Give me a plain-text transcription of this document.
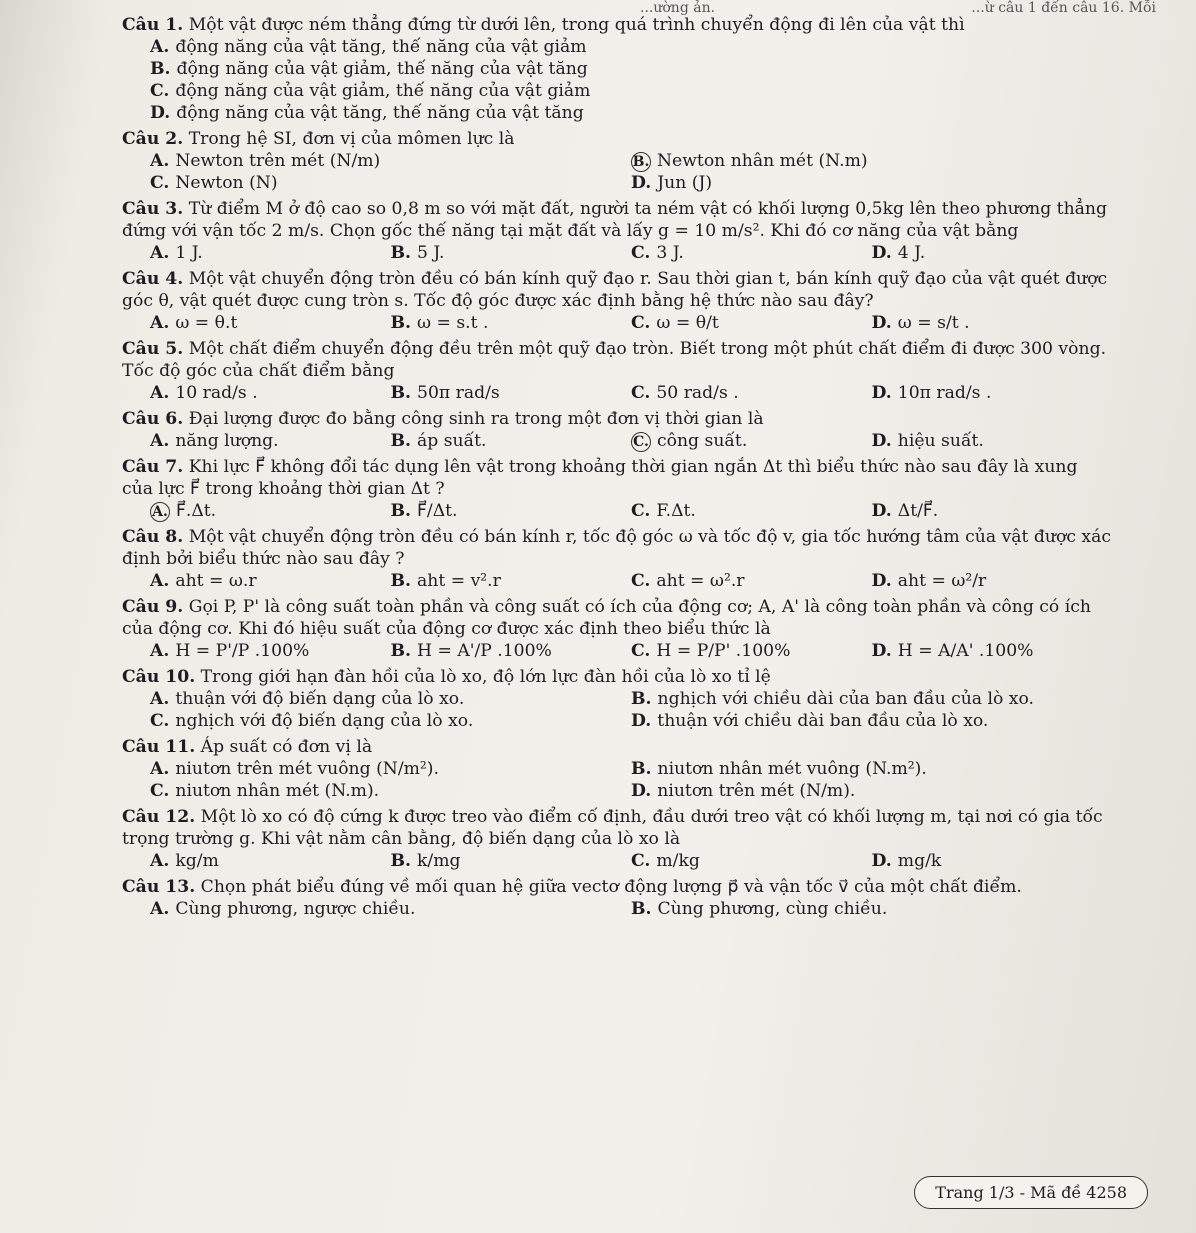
...ường ản.	...ừ câu 1 đến câu 16. Mỗi
Câu 1. Một vật được ném thẳng đứng từ dưới lên, trong quá trình chuyển động đi lên của vật thì
A. động năng của vật tăng, thế năng của vật giảm
B. động năng của vật giảm, thế năng của vật tăng
C. động năng của vật giảm, thế năng của vật giảm
D. động năng của vật tăng, thế năng của vật tăng
Câu 2. Trong hệ SI, đơn vị của mômen lực là
A. Newton trên mét (N/m)	B. Newton nhân mét (N.m)
C. Newton (N)	D. Jun (J)
Câu 3. Từ điểm M ở độ cao so 0,8 m so với mặt đất, người ta ném vật có khối lượng 0,5kg lên theo phương thẳng đứng với vận tốc 2 m/s. Chọn gốc thế năng tại mặt đất và lấy g = 10 m/s². Khi đó cơ năng của vật bằng
A. 1 J.	B. 5 J.	C. 3 J.	D. 4 J.
Câu 4. Một vật chuyển động tròn đều có bán kính quỹ đạo r. Sau thời gian t, bán kính quỹ đạo của vật quét được góc θ, vật quét được cung tròn s. Tốc độ góc được xác định bằng hệ thức nào sau đây?
A. ω = θ.t	B. ω = s.t .	C. ω = θ/t	D. ω = s/t .
Câu 5. Một chất điểm chuyển động đều trên một quỹ đạo tròn. Biết trong một phút chất điểm đi được 300 vòng. Tốc độ góc của chất điểm bằng
A. 10 rad/s .	B. 50π rad/s	C. 50 rad/s .	D. 10π rad/s .
Câu 6. Đại lượng được đo bằng công sinh ra trong một đơn vị thời gian là
A. năng lượng.	B. áp suất.	C. công suất.	D. hiệu suất.
Câu 7. Khi lực F⃗ không đổi tác dụng lên vật trong khoảng thời gian ngắn Δt thì biểu thức nào sau đây là xung của lực F⃗ trong khoảng thời gian Δt ?
A. F⃗.Δt.	B. F⃗/Δt.	C. F.Δt.	D. Δt/F⃗.
Câu 8. Một vật chuyển động tròn đều có bán kính r, tốc độ góc ω và tốc độ v, gia tốc hướng tâm của vật được xác định bởi biểu thức nào sau đây ?
A. aht = ω.r	B. aht = v².r	C. aht = ω².r	D. aht = ω²/r
Câu 9. Gọi P, P' là công suất toàn phần và công suất có ích của động cơ; A, A' là công toàn phần và công có ích của động cơ. Khi đó hiệu suất của động cơ được xác định theo biểu thức là
A. H = P'/P .100%	B. H = A'/P .100%	C. H = P/P' .100%	D. H = A/A' .100%
Câu 10. Trong giới hạn đàn hồi của lò xo, độ lớn lực đàn hồi của lò xo tỉ lệ
A. thuận với độ biến dạng của lò xo.	B. nghịch với chiều dài của ban đầu của lò xo.
C. nghịch với độ biến dạng của lò xo.	D. thuận với chiều dài ban đầu của lò xo.
Câu 11. Áp suất có đơn vị là
A. niutơn trên mét vuông (N/m²).	B. niutơn nhân mét vuông (N.m²).
C. niutơn nhân mét (N.m).	D. niutơn trên mét (N/m).
Câu 12. Một lò xo có độ cứng k được treo vào điểm cố định, đầu dưới treo vật có khối lượng m, tại nơi có gia tốc trọng trường g. Khi vật nằm cân bằng, độ biến dạng của lò xo là
A. kg/m	B. k/mg	C. m/kg	D. mg/k
Câu 13. Chọn phát biểu đúng về mối quan hệ giữa vectơ động lượng p⃗ và vận tốc v⃗ của một chất điểm.
A. Cùng phương, ngược chiều.	B. Cùng phương, cùng chiều.
Trang 1/3 - Mã đề 4258
